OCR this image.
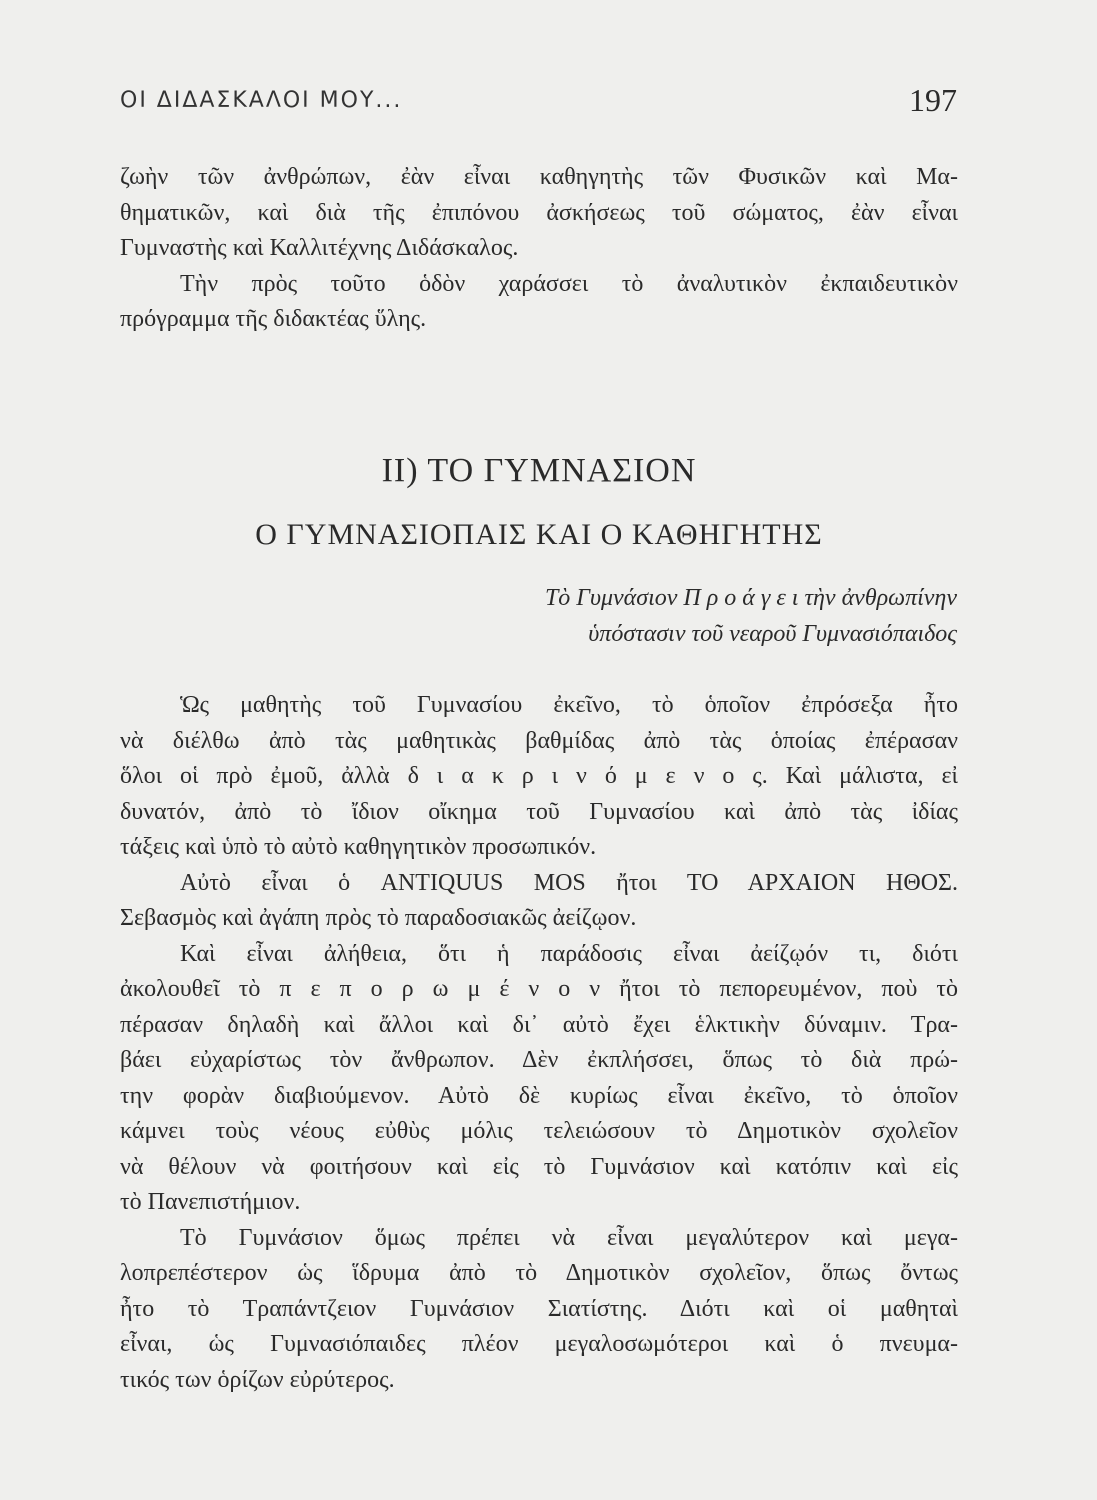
ΟΙ ΔΙΔΑΣΚΑΛΟΙ ΜΟΥ...	197
ζωὴν τῶν ἀνθρώπων, ἐὰν εἶναι καθηγητὴς τῶν Φυσικῶν καὶ Μα-
θηματικῶν, καὶ διὰ τῆς ἐπιπόνου ἀσκήσεως τοῦ σώματος, ἐὰν εἶναι
Γυμναστὴς καὶ Καλλιτέχνης Διδάσκαλος.
Τὴν πρὸς τοῦτο ὁδὸν χαράσσει τὸ ἀναλυτικὸν ἐκπαιδευτικὸν
πρόγραμμα τῆς διδακτέας ὕλης.
ΙΙ) ΤΟ ΓΥΜΝΑΣΙΟΝ
Ο ΓΥΜΝΑΣΙΟΠΑΙΣ ΚΑΙ Ο ΚΑΘΗΓΗΤΗΣ
Τὸ Γυμνάσιον Π ρ ο ά γ ε ι τὴν ἀνθρωπίνην
ὑπόστασιν τοῦ νεαροῦ Γυμνασιόπαιδος
Ὡς μαθητὴς τοῦ Γυμνασίου ἐκεῖνο, τὸ ὁποῖον ἐπρόσεξα ἦτο
νὰ διέλθω ἀπὸ τὰς μαθητικὰς βαθμίδας ἀπὸ τὰς ὁποίας ἐπέρασαν
ὅλοι οἱ πρὸ ἐμοῦ, ἀλλὰ δ ι α κ ρ ι ν ό μ ε ν ο ς. Καὶ μάλιστα, εἰ
δυνατόν, ἀπὸ τὸ ἴδιον οἴκημα τοῦ Γυμνασίου καὶ ἀπὸ τὰς ἰδίας
τάξεις καὶ ὑπὸ τὸ αὐτὸ καθηγητικὸν προσωπικόν.
Αὐτὸ εἶναι ὁ ANTIQUUS MOS ἤτοι ΤΟ ΑΡΧΑΙΟΝ ΗΘΟΣ.
Σεβασμὸς καὶ ἀγάπη πρὸς τὸ παραδοσιακῶς ἀείζῳον.
Καὶ εἶναι ἀλήθεια, ὅτι ἡ παράδοσις εἶναι ἀείζῳόν τι, διότι
ἀκολουθεῖ τὸ π ε π ο ρ ω μ έ ν ο ν ἤτοι τὸ πεπορευμένον, ποὺ τὸ
πέρασαν δηλαδὴ καὶ ἄλλοι καὶ δι᾽ αὐτὸ ἔχει ἑλκτικὴν δύναμιν. Τρα-
βάει εὐχαρίστως τὸν ἄνθρωπον. Δὲν ἐκπλήσσει, ὅπως τὸ διὰ πρώ-
την φορὰν διαβιούμενον. Αὐτὸ δὲ κυρίως εἶναι ἐκεῖνο, τὸ ὁποῖον
κάμνει τοὺς νέους εὐθὺς μόλις τελειώσουν τὸ Δημοτικὸν σχολεῖον
νὰ θέλουν νὰ φοιτήσουν καὶ εἰς τὸ Γυμνάσιον καὶ κατόπιν καὶ εἰς
τὸ Πανεπιστήμιον.
Τὸ Γυμνάσιον ὅμως πρέπει νὰ εἶναι μεγαλύτερον καὶ μεγα-
λοπρεπέστερον ὡς ἵδρυμα ἀπὸ τὸ Δημοτικὸν σχολεῖον, ὅπως ὄντως
ἦτο τὸ Τραπάντζειον Γυμνάσιον Σιατίστης. Διότι καὶ οἱ μαθηταὶ
εἶναι, ὡς Γυμνασιόπαιδες πλέον μεγαλοσωμότεροι καὶ ὁ πνευμα-
τικός των ὁρίζων εὐρύτερος.
